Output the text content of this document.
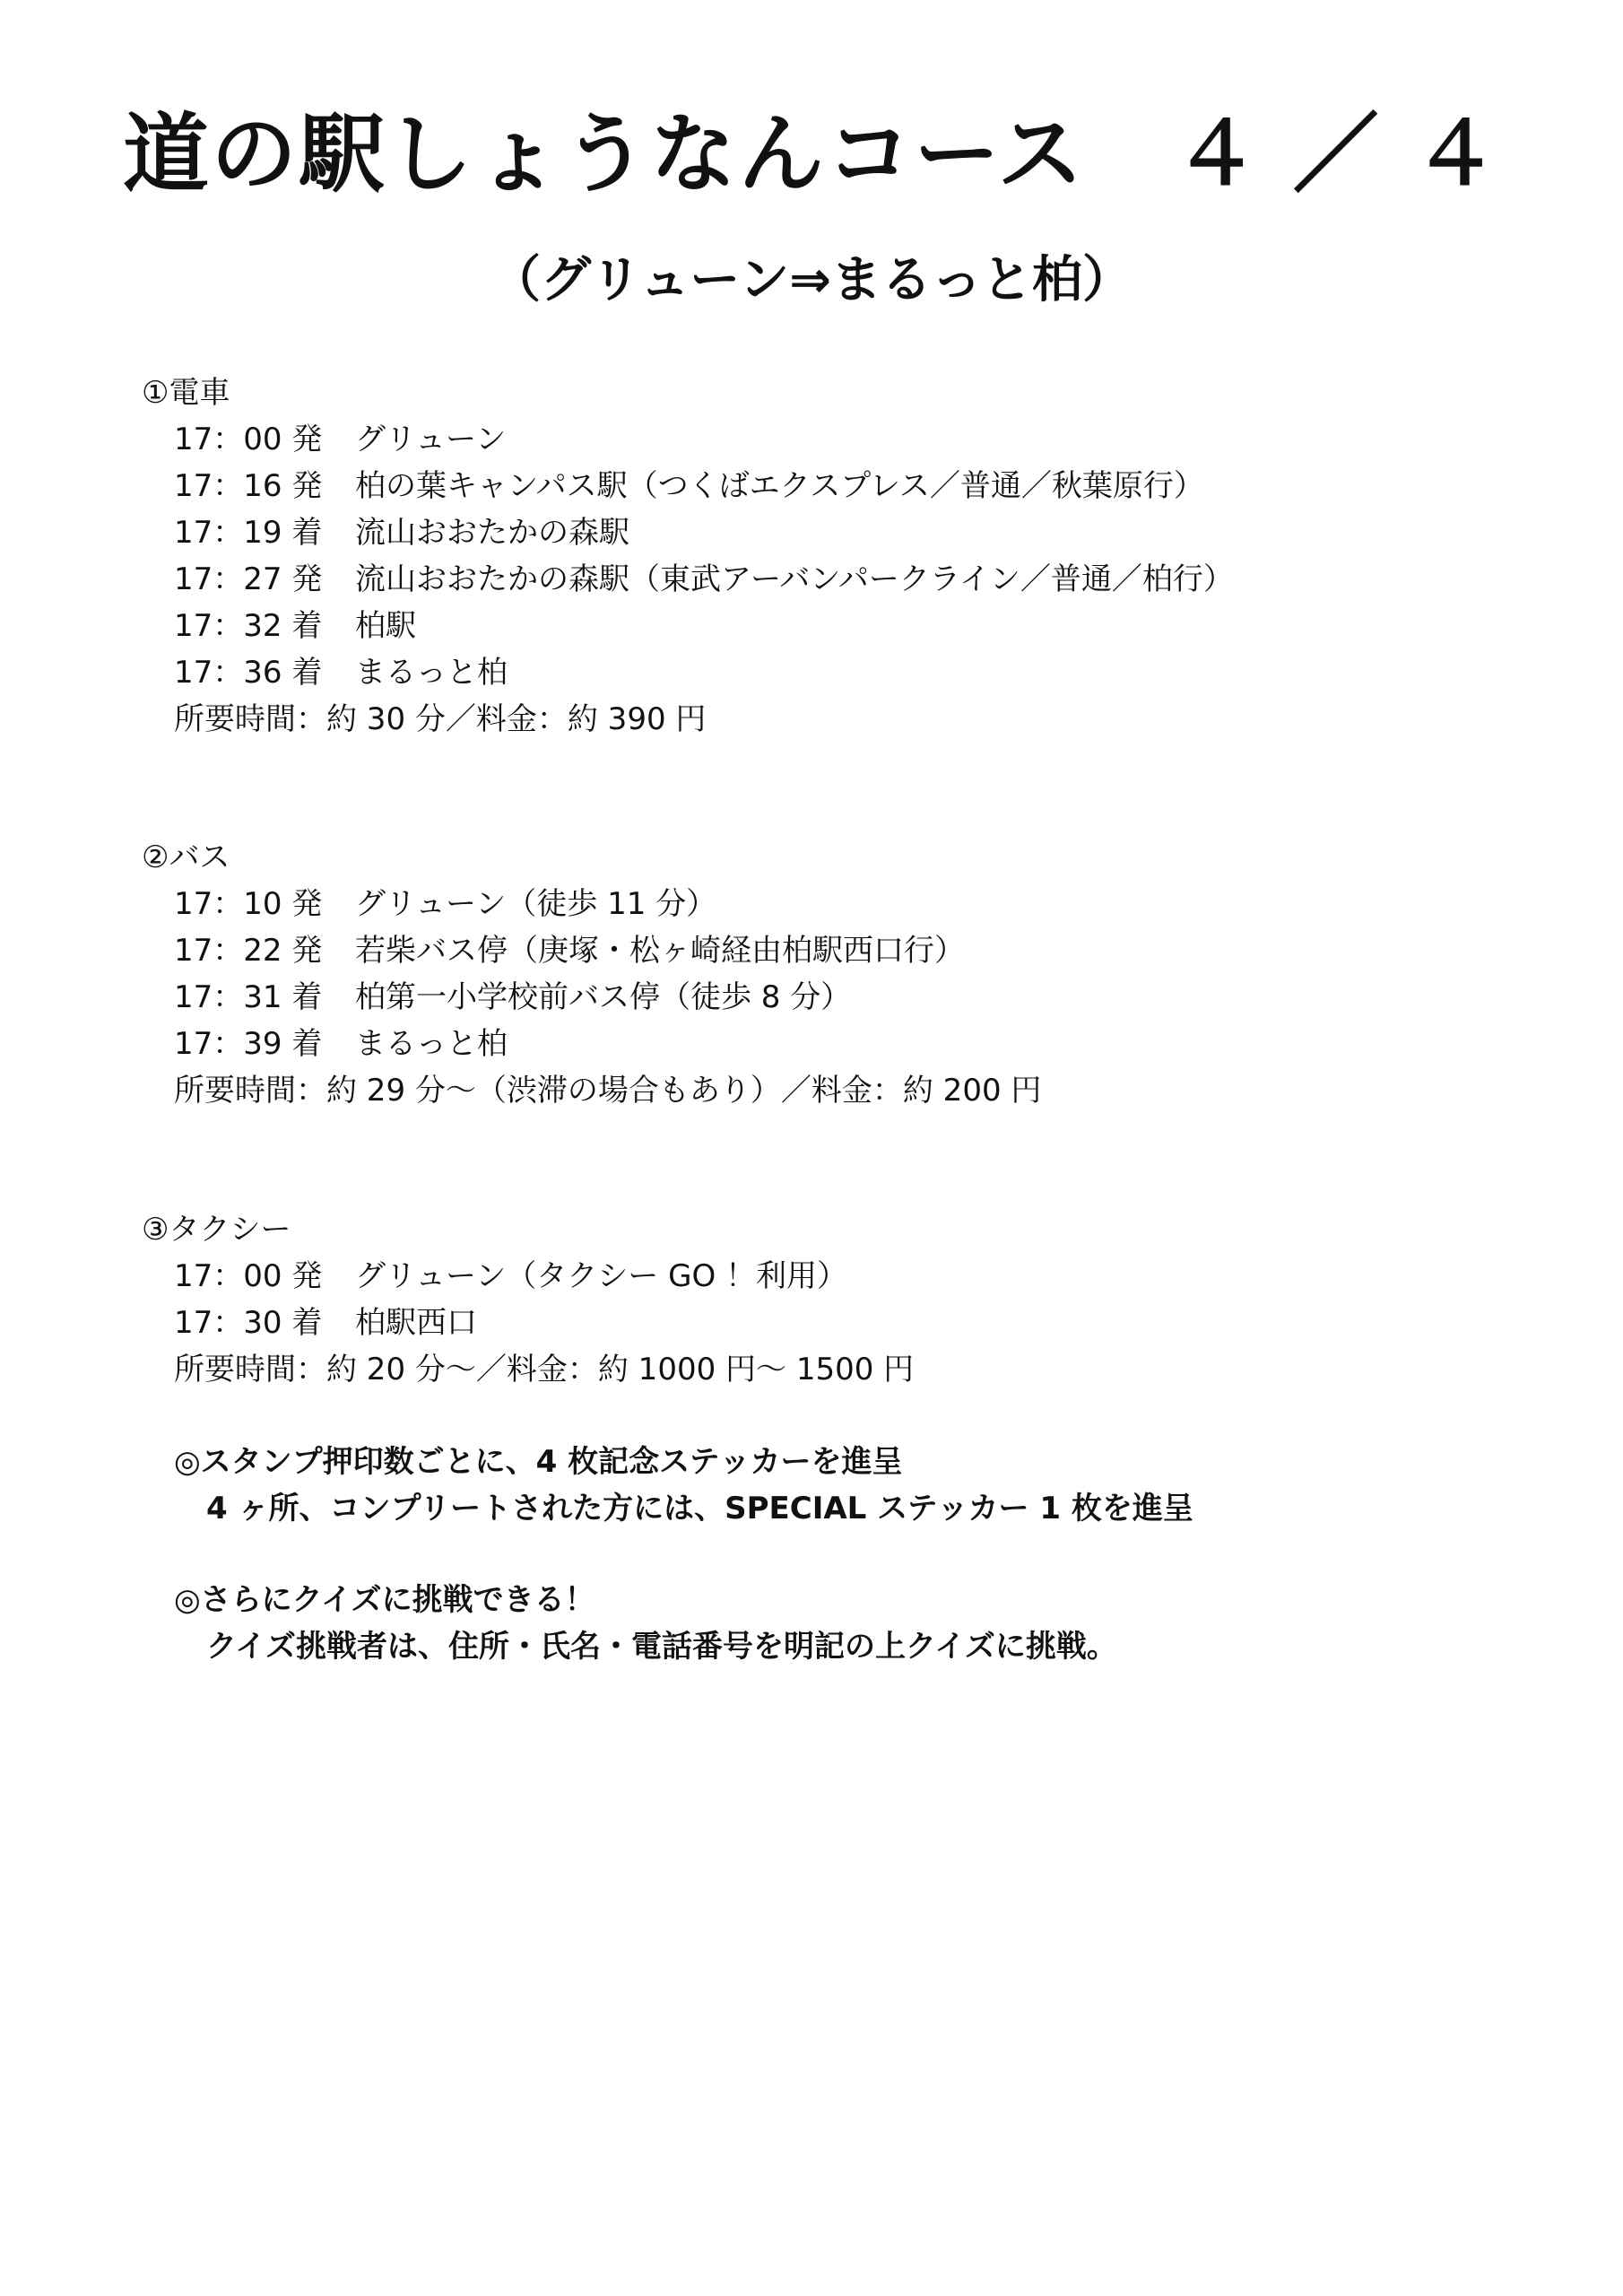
道の駅しょうなんコース　４ ／ ４
（グリューン⇒まるっと柏）
①電車
17：00 発 グリューン
17：16 発 柏の葉キャンパス駅（つくばエクスプレス／普通／秋葉原行）
17：19 着 流山おおたかの森駅
17：27 発 流山おおたかの森駅（東武アーバンパークライン／普通／柏行）
17：32 着 柏駅
17：36 着 まるっと柏
所要時間：約 30 分／料金：約 390 円
②バス
17：10 発 グリューン（徒歩 11 分）
17：22 発 若柴バス停（庚塚・松ヶ崎経由柏駅西口行）
17：31 着 柏第一小学校前バス停（徒歩 8 分）
17：39 着 まるっと柏
所要時間：約 29 分～（渋滞の場合もあり）／料金：約 200 円
③タクシー
17：00 発 グリューン（タクシー GO ！利用）
17：30 着 柏駅西口
所要時間：約 20 分～／料金：約 1000 円～ 1500 円
◎スタンプ押印数ごとに、4 枚記念ステッカーを進呈
4 ヶ所、コンプリートされた方には、SPECIAL ステッカー 1 枚を進呈
◎さらにクイズに挑戦できる！
クイズ挑戦者は、住所・氏名・電話番号を明記の上クイズに挑戦。
